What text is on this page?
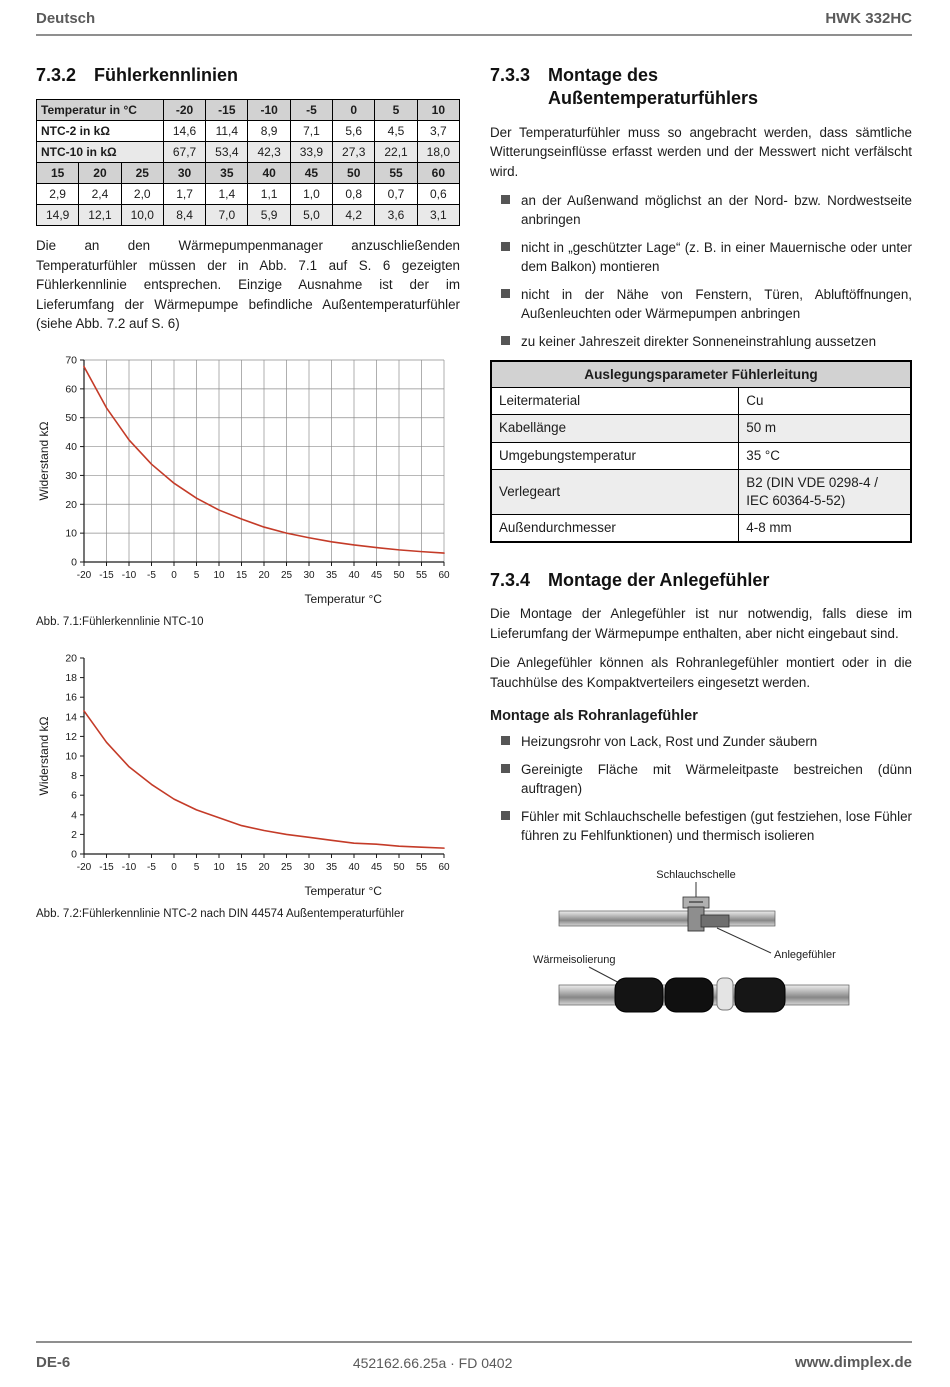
Deutsch	HWK 332HC
7.3.2 Fühlerkennlinien
Temperatur in °C			-20	-15	-10	-5	0	5	10
NTC-2 in kΩ			14,6	11,4	8,9	7,1	5,6	4,5	3,7
NTC-10 in kΩ			67,7	53,4	42,3	33,9	27,3	22,1	18,0
15	20	25	30	35	40	45	50	55	60
2,9	2,4	2,0	1,7	1,4	1,1	1,0	0,8	0,7	0,6
14,9	12,1	10,0	8,4	7,0	5,9	5,0	4,2	3,6	3,1

Die an den Wärmepumpenmanager anzuschließenden Temperaturfühler müssen der in Abb. 7.1 auf S. 6 gezeigten Fühlerkennlinie entsprechen. Einzige Ausnahme ist der im Lieferumfang der Wärmepumpe befindliche Außentemperaturfühler (siehe Abb. 7.2 auf S. 6)

0
10
20
30
40
50
60
70
-20 -15 -10 -5 0 5 10 15 20 25 30 35 40 45 50 55 60
Temperatur °C
Widerstand kΩ
Abb. 7.1:Fühlerkennlinie NTC-10
0
2
4
6
8
10
12
14
16
18
20
-20 -15 -10 -5 0 5 10 15 20 25 30 35 40 45 50 55 60
Temperatur °C
Widerstand kΩ
Abb. 7.2:Fühlerkennlinie NTC-2 nach DIN 44574 Außentemperaturfühler
7.3.3 Montage des
Außentemperaturfühlers

Der Temperaturfühler muss so angebracht werden, dass sämtliche Witterungseinflüsse erfasst werden und der Messwert nicht verfälscht wird.

an der Außenwand möglichst an der Nord- bzw. Nordwestseite anbringen
nicht in „geschützter Lage“ (z. B. in einer Mauernische oder unter dem Balkon) montieren
nicht in der Nähe von Fenstern, Türen, Abluftöffnungen, Außenleuchten oder Wärmepumpen anbringen
zu keiner Jahreszeit direkter Sonneneinstrahlung aussetzen
Auslegungsparameter Fühlerleitung	
Leitermaterial	Cu
Kabellänge	50 m
Umgebungstemperatur	35 °C
Verlegeart	B2 (DIN VDE 0298-4 / IEC 60364-5-52)
Außendurchmesser	4-8 mm
7.3.4 Montage der Anlegefühler

Die Montage der Anlegefühler ist nur notwendig, falls diese im Lieferumfang der Wärmepumpe enthalten, aber nicht eingebaut sind.

Die Anlegefühler können als Rohranlegefühler montiert oder in die Tauchhülse des Kompaktverteilers eingesetzt werden.

Montage als Rohranlagefühler
Heizungsrohr von Lack, Rost und Zunder säubern
Gereinigte Fläche mit Wärmeleitpaste bestreichen (dünn auftragen)
Fühler mit Schlauchschelle befestigen (gut festziehen, lose Fühler führen zu Fehlfunktionen) und thermisch isolieren
Schlauchschelle
Anlegefühler
Wärmeisolierung
DE-6	452162.66.25a · FD 0402	www.dimplex.de
